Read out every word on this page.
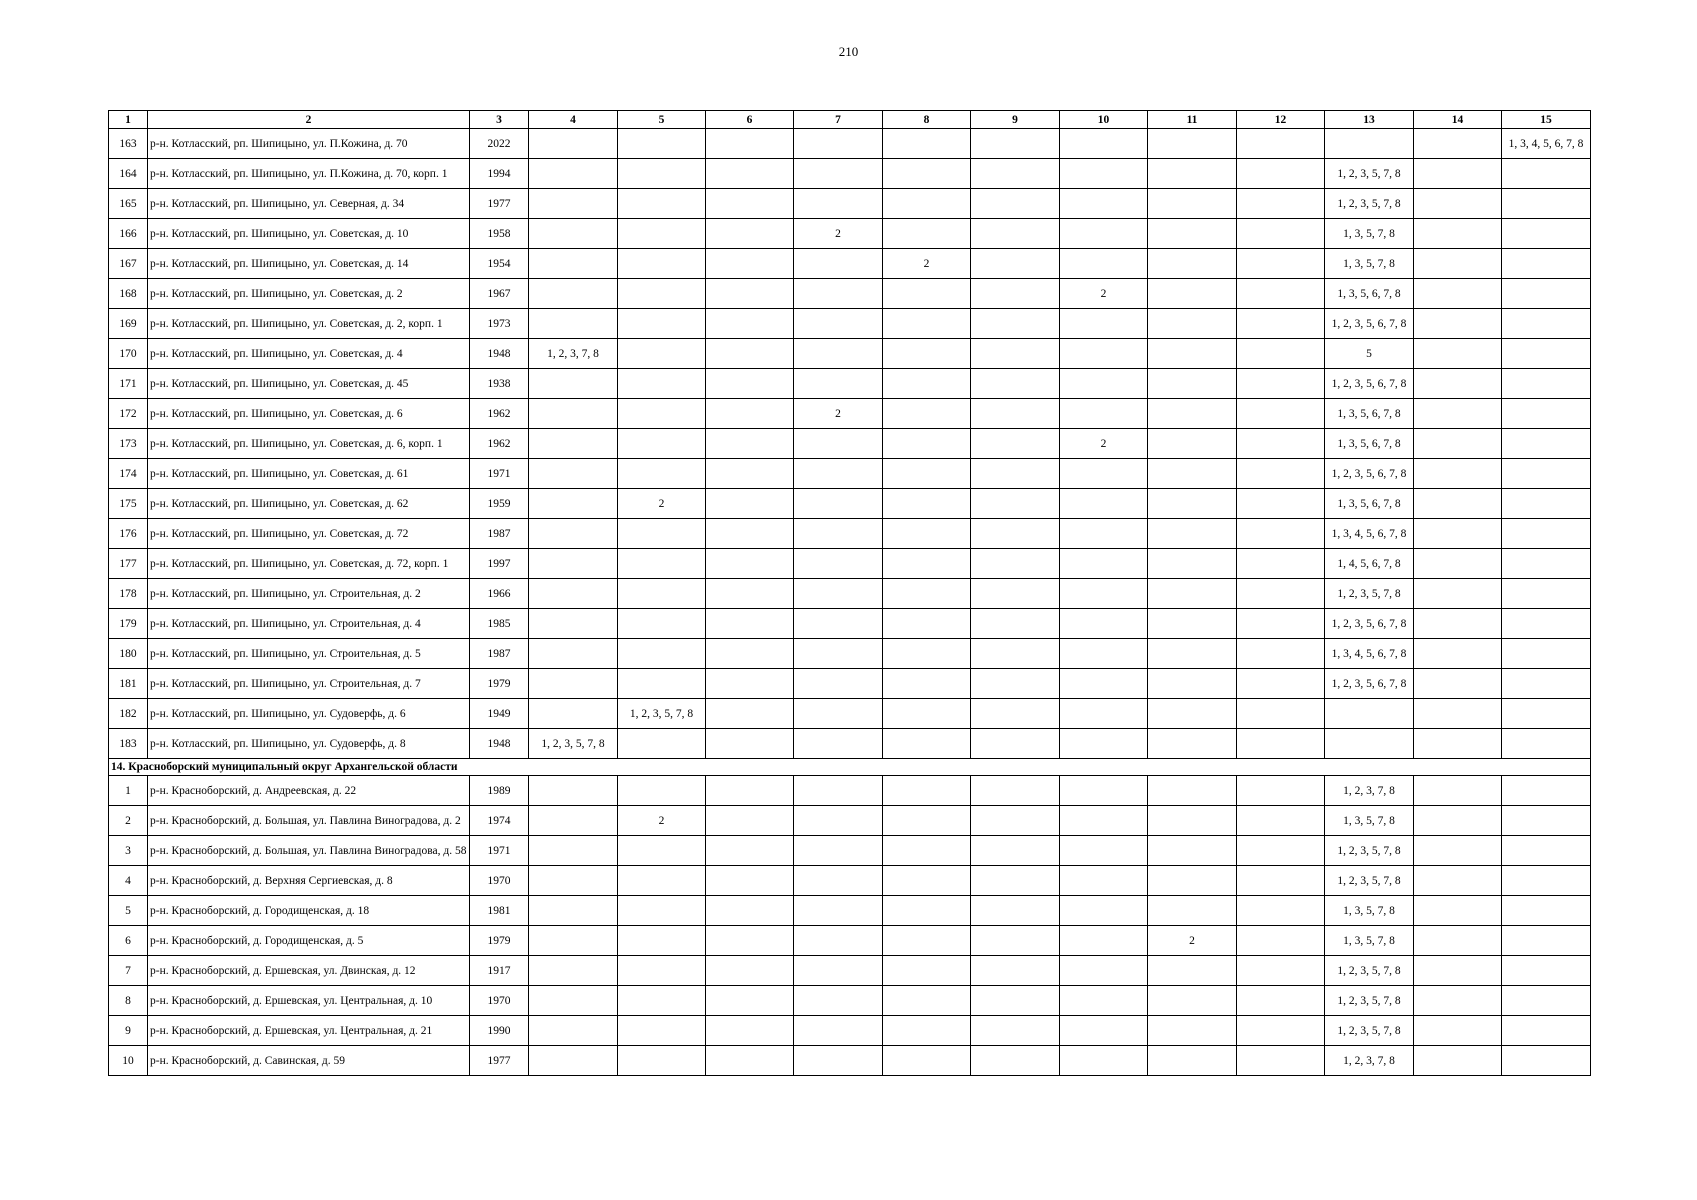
210
1	2	3	4	5	6	7	8	9	10	11	12	13	14	15
163	р-н. Котласский, рп. Шипицыно, ул. П.Кожина, д. 70	2022												1, 3, 4, 5, 6, 7, 8
164	р-н. Котласский, рп. Шипицыно, ул. П.Кожина, д. 70, корп. 1	1994										1, 2, 3, 5, 7, 8		
165	р-н. Котласский, рп. Шипицыно, ул. Северная, д. 34	1977										1, 2, 3, 5, 7, 8		
166	р-н. Котласский, рп. Шипицыно, ул. Советская, д. 10	1958				2						1, 3, 5, 7, 8		
167	р-н. Котласский, рп. Шипицыно, ул. Советская, д. 14	1954					2					1, 3, 5, 7, 8		
168	р-н. Котласский, рп. Шипицыно, ул. Советская, д. 2	1967							2			1, 3, 5, 6, 7, 8		
169	р-н. Котласский, рп. Шипицыно, ул. Советская, д. 2, корп. 1	1973										1, 2, 3, 5, 6, 7, 8		
170	р-н. Котласский, рп. Шипицыно, ул. Советская, д. 4	1948	1, 2, 3, 7, 8									5		
171	р-н. Котласский, рп. Шипицыно, ул. Советская, д. 45	1938										1, 2, 3, 5, 6, 7, 8		
172	р-н. Котласский, рп. Шипицыно, ул. Советская, д. 6	1962				2						1, 3, 5, 6, 7, 8		
173	р-н. Котласский, рп. Шипицыно, ул. Советская, д. 6, корп. 1	1962							2			1, 3, 5, 6, 7, 8		
174	р-н. Котласский, рп. Шипицыно, ул. Советская, д. 61	1971										1, 2, 3, 5, 6, 7, 8		
175	р-н. Котласский, рп. Шипицыно, ул. Советская, д. 62	1959		2								1, 3, 5, 6, 7, 8		
176	р-н. Котласский, рп. Шипицыно, ул. Советская, д. 72	1987										1, 3, 4, 5, 6, 7, 8		
177	р-н. Котласский, рп. Шипицыно, ул. Советская, д. 72, корп. 1	1997										1, 4, 5, 6, 7, 8		
178	р-н. Котласский, рп. Шипицыно, ул. Строительная, д. 2	1966										1, 2, 3, 5, 7, 8		
179	р-н. Котласский, рп. Шипицыно, ул. Строительная, д. 4	1985										1, 2, 3, 5, 6, 7, 8		
180	р-н. Котласский, рп. Шипицыно, ул. Строительная, д. 5	1987										1, 3, 4, 5, 6, 7, 8		
181	р-н. Котласский, рп. Шипицыно, ул. Строительная, д. 7	1979										1, 2, 3, 5, 6, 7, 8		
182	р-н. Котласский, рп. Шипицыно, ул. Судоверфь, д. 6	1949		1, 2, 3, 5, 7, 8										
183	р-н. Котласский, рп. Шипицыно, ул. Судоверфь, д. 8	1948	1, 2, 3, 5, 7, 8											
14. Красноборский муниципальный округ Архангельской области														
1	р-н. Красноборский, д. Андреевская, д. 22	1989										1, 2, 3, 7, 8		
2	р-н. Красноборский, д. Большая, ул. Павлина Виноградова, д. 2	1974		2								1, 3, 5, 7, 8		
3	р-н. Красноборский, д. Большая, ул. Павлина Виноградова, д. 58	1971										1, 2, 3, 5, 7, 8		
4	р-н. Красноборский, д. Верхняя Сергиевская, д. 8	1970										1, 2, 3, 5, 7, 8		
5	р-н. Красноборский, д. Городищенская, д. 18	1981										1, 3, 5, 7, 8		
6	р-н. Красноборский, д. Городищенская, д. 5	1979								2		1, 3, 5, 7, 8		
7	р-н. Красноборский, д. Ершевская, ул. Двинская, д. 12	1917										1, 2, 3, 5, 7, 8		
8	р-н. Красноборский, д. Ершевская, ул. Центральная, д. 10	1970										1, 2, 3, 5, 7, 8		
9	р-н. Красноборский, д. Ершевская, ул. Центральная, д. 21	1990										1, 2, 3, 5, 7, 8		
10	р-н. Красноборский, д. Савинская, д. 59	1977										1, 2, 3, 7, 8		
